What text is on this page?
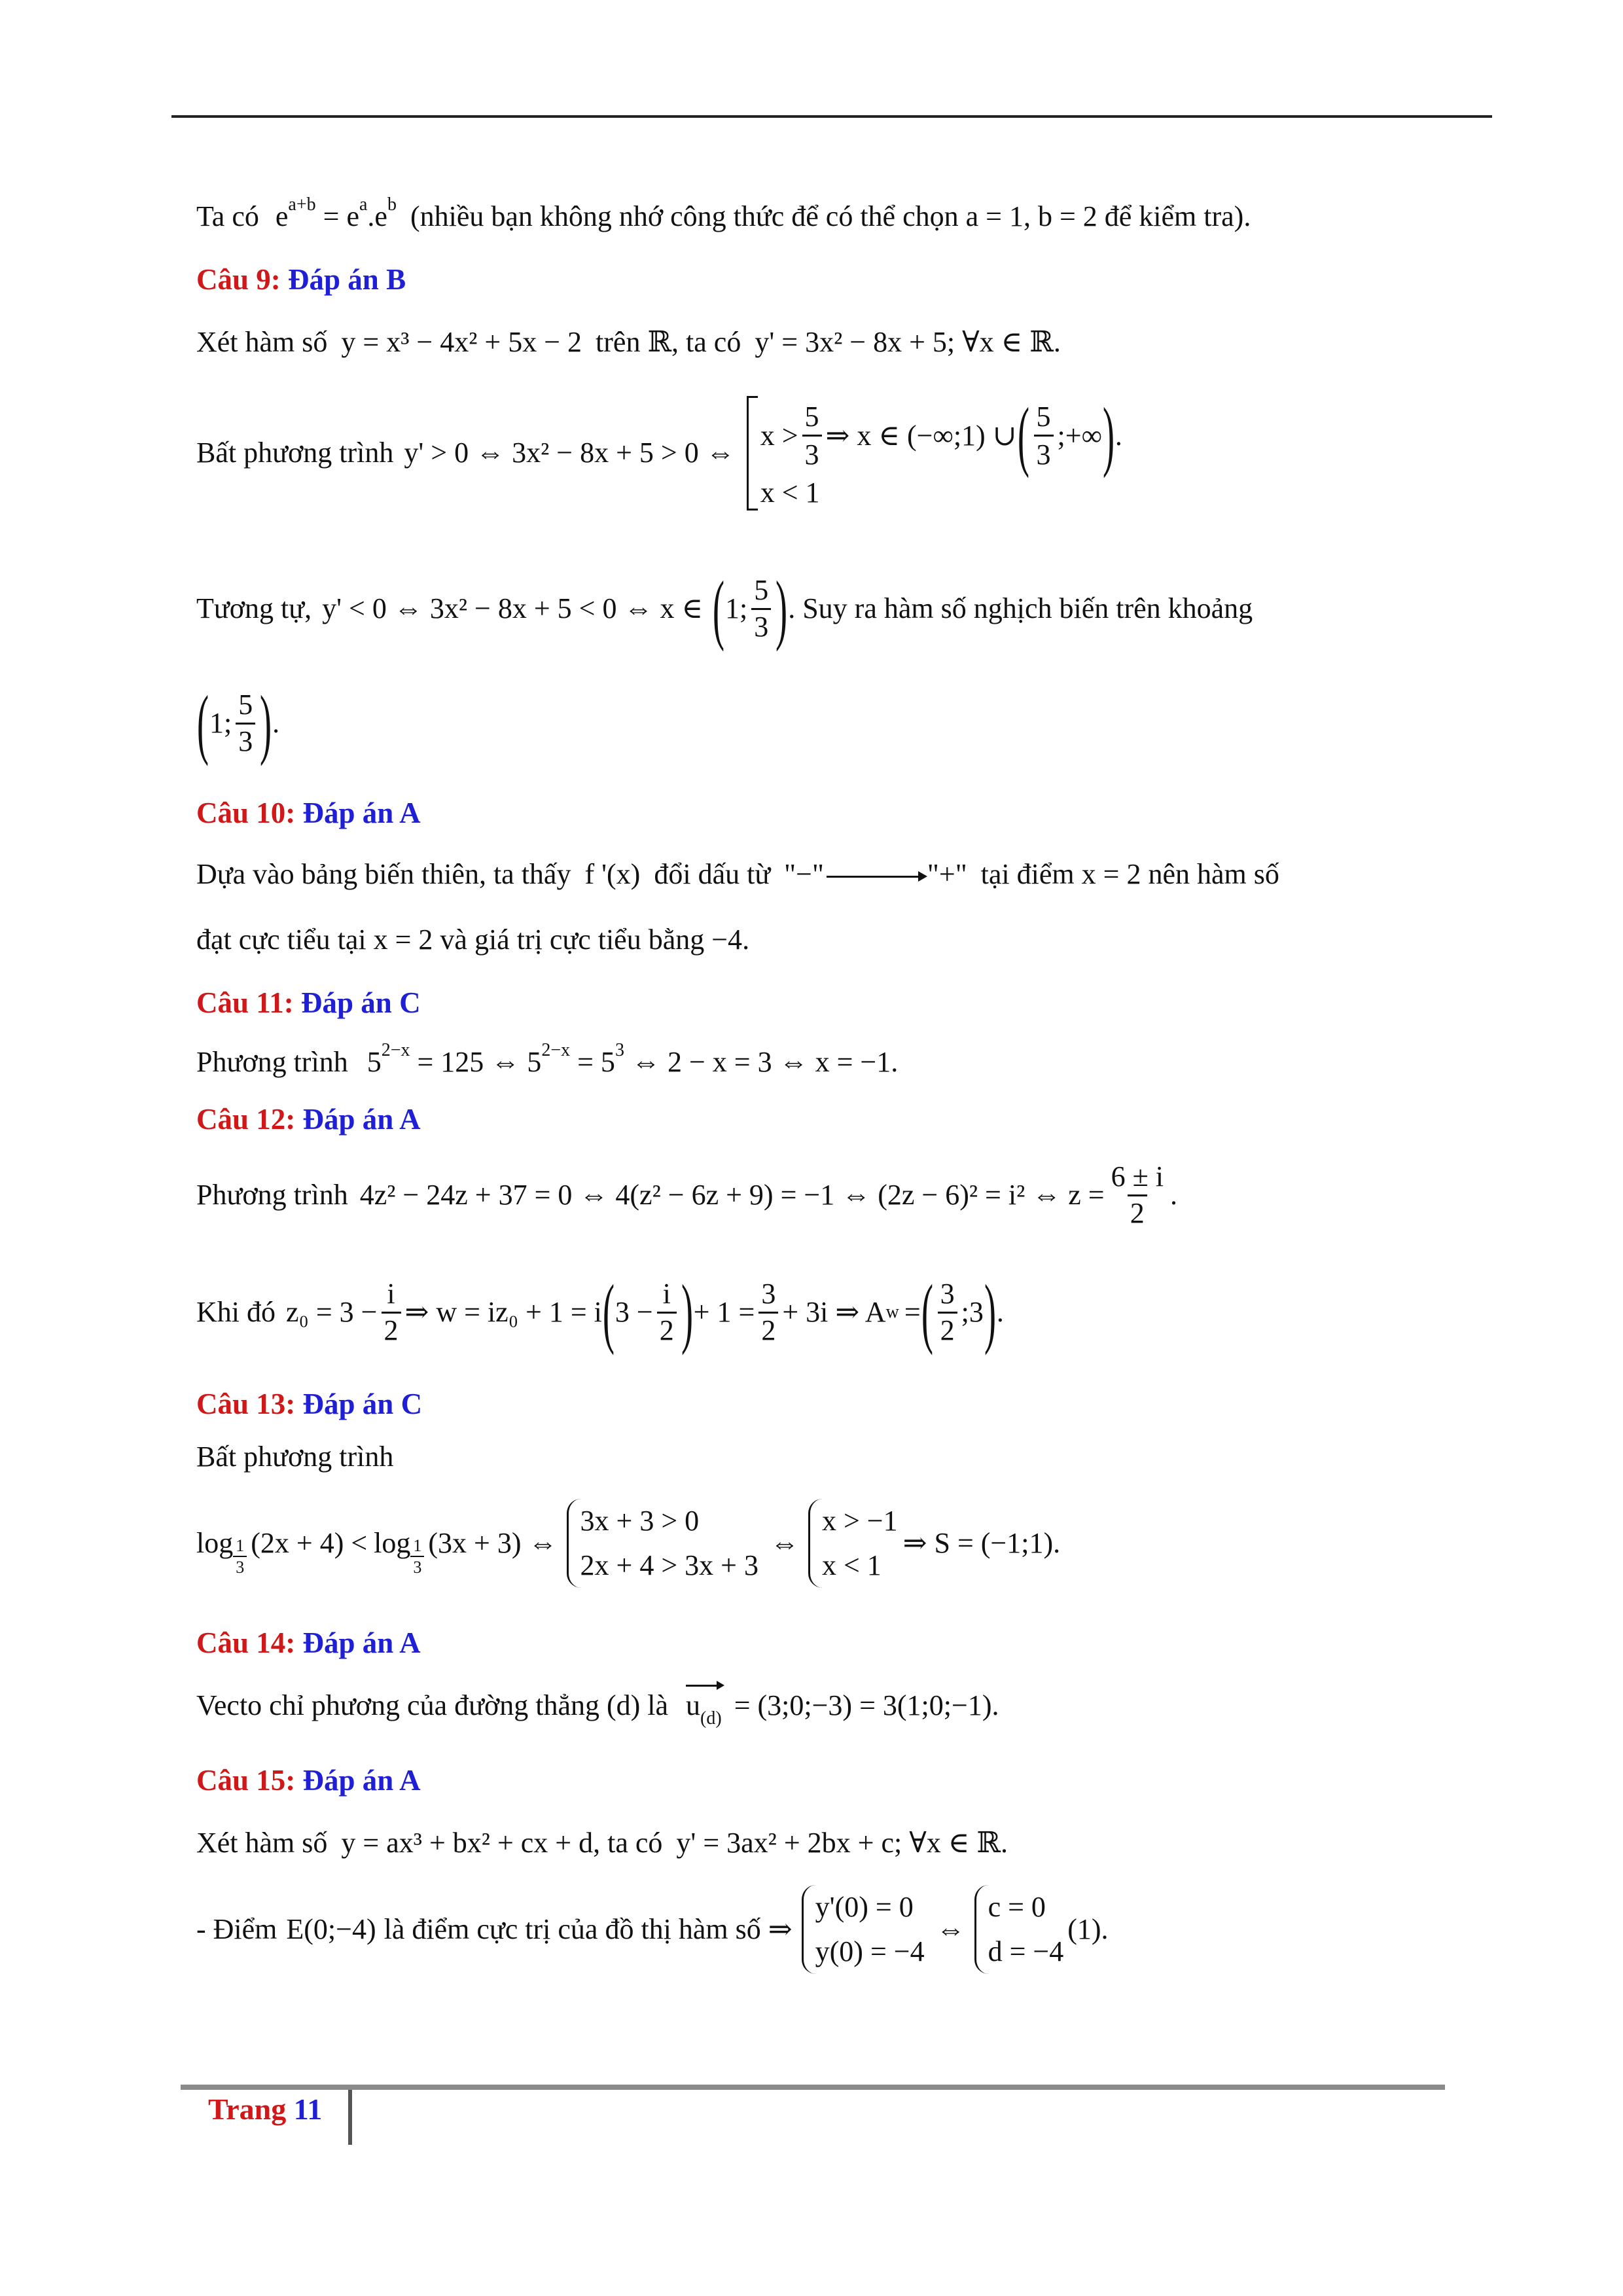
Ta có $e^{a+b} = e^a.e^b$ (nhiều bạn không nhớ công thức để có thể chọn a = 1, b = 2 để kiểm tra).
Câu 9: Đáp án B
Xét hàm số y = x³ − 4x² + 5x − 2 trên ℝ, ta có y' = 3x² − 8x + 5; ∀x ∈ ℝ.
Bất phương trình y' > 0 ⇔ 3x² − 8x + 5 > 0 ⇔
$x > \frac{5}{3}$ ⇒ x ∈ (−∞;1) ∪ ( $\frac{5}{3}$ ;+∞ ) .
x < 1
Tương tự, y' < 0 ⇔ 3x² − 8x + 5 < 0 ⇔ x ∈ ( 1; $\frac{5}{3}$ ) . Suy ra hàm số nghịch biến trên khoảng
( 1; $\frac{5}{3}$ ) .
Câu 10: Đáp án A
Dựa vào bảng biến thiên, ta thấy f '(x) đổi dấu từ "−"	"+" tại điểm x = 2 nên hàm số
đạt cực tiểu tại x = 2 và giá trị cực tiểu bằng −4.
Câu 11: Đáp án C
Phương trình $5^{2-x} = 125$ ⇔ $5^{2-x} = 5^3$ ⇔ 2 − x = 3 ⇔ x = −1.
Câu 12: Đáp án A
Phương trình 4z² − 24z + 37 = 0 ⇔ 4(z² − 6z + 9) = −1 ⇔ (2z − 6)² = i² ⇔ $z = \frac{6 \pm i}{2}$ .
Khi đó $z_0 = 3 - \frac{i}{2}$ ⇒ w = iz₀ + 1 = i ( $3 - \frac{i}{2}$ ) + $1 = \frac{3}{2} + 3i$ ⇒ A w = ( $\frac{3}{2}$ ;3 ) .
Câu 13: Đáp án C
Bất phương trình
$\log \frac{1}{3} (2x + 4) < \log \frac{1}{3} (3x + 3)$ ⇔
3x + 3 > 0
2x + 4 > 3x + 3
⇔
x > −1
x < 1
⇒ S = (−1;1) .
Câu 14: Đáp án A
Vecto chỉ phương của đường thẳng (d) là $u_{(d)}$ = (3;0;−3) = 3(1;0;−1).
Câu 15: Đáp án A
Xét hàm số y = ax³ + bx² + cx + d, ta có y' = 3ax² + 2bx + c; ∀x ∈ ℝ.
- Điểm E(0;−4) là điểm cực trị của đồ thị hàm số ⇒
y'(0) = 0
y(0) = −4
⇔
c = 0
d = −4
(1) .
Trang 11
